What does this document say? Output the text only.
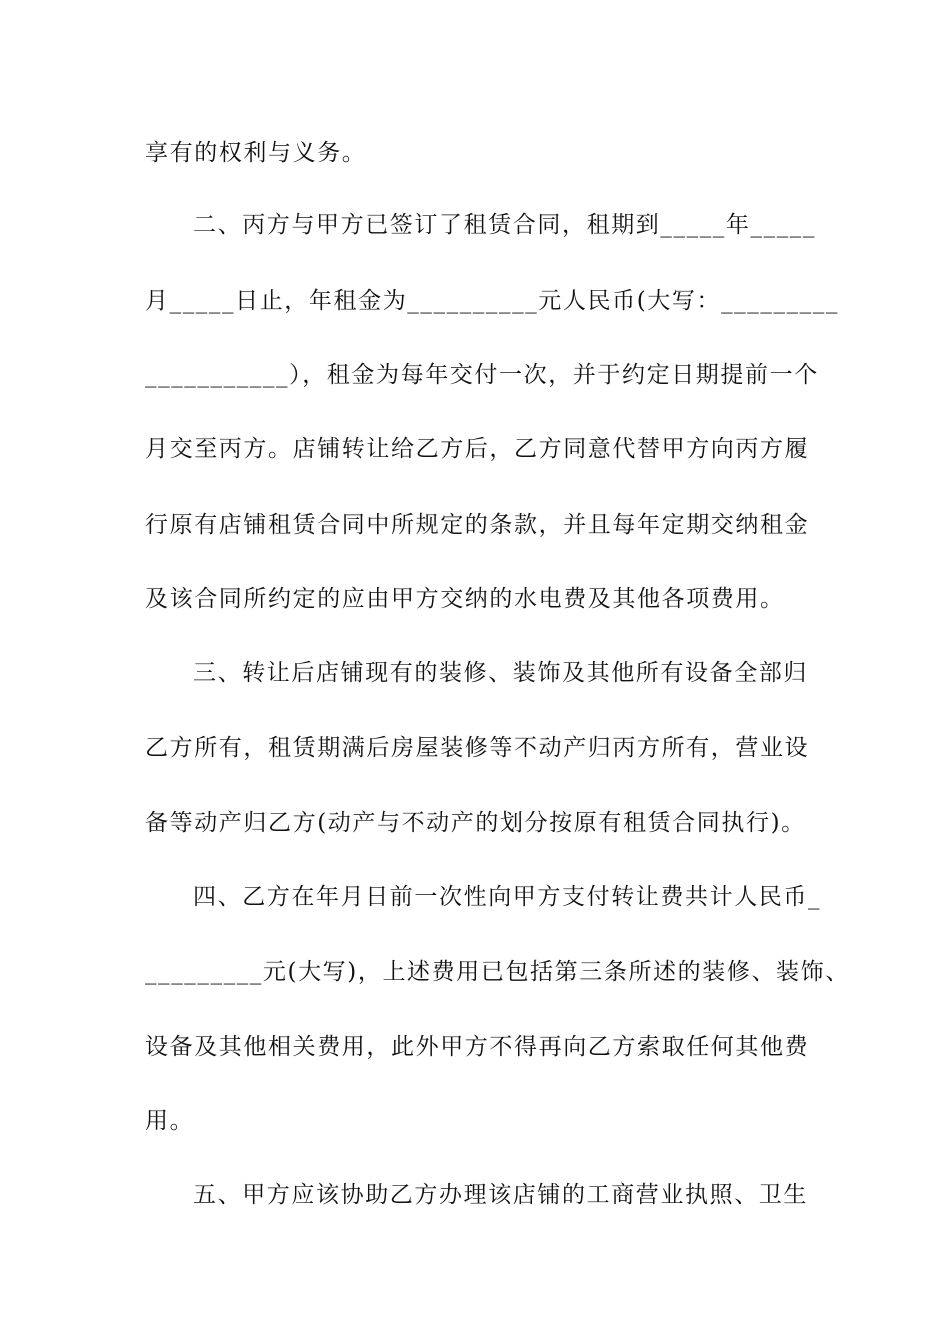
享有的权利与义务。
二、丙方与甲方已签订了租赁合同，租期到_____年_____
月_____日止，年租金为__________元人民币(大写：_________
___________），租金为每年交付一次，并于约定日期提前一个
月交至丙方。店铺转让给乙方后，乙方同意代替甲方向丙方履
行原有店铺租赁合同中所规定的条款，并且每年定期交纳租金
及该合同所约定的应由甲方交纳的水电费及其他各项费用。
三、转让后店铺现有的装修、装饰及其他所有设备全部归
乙方所有，租赁期满后房屋装修等不动产归丙方所有，营业设
备等动产归乙方(动产与不动产的划分按原有租赁合同执行)。
四、乙方在年月日前一次性向甲方支付转让费共计人民币_
_________元(大写)，上述费用已包括第三条所述的装修、装饰、
设备及其他相关费用，此外甲方不得再向乙方索取任何其他费
用。
五、甲方应该协助乙方办理该店铺的工商营业执照、卫生
